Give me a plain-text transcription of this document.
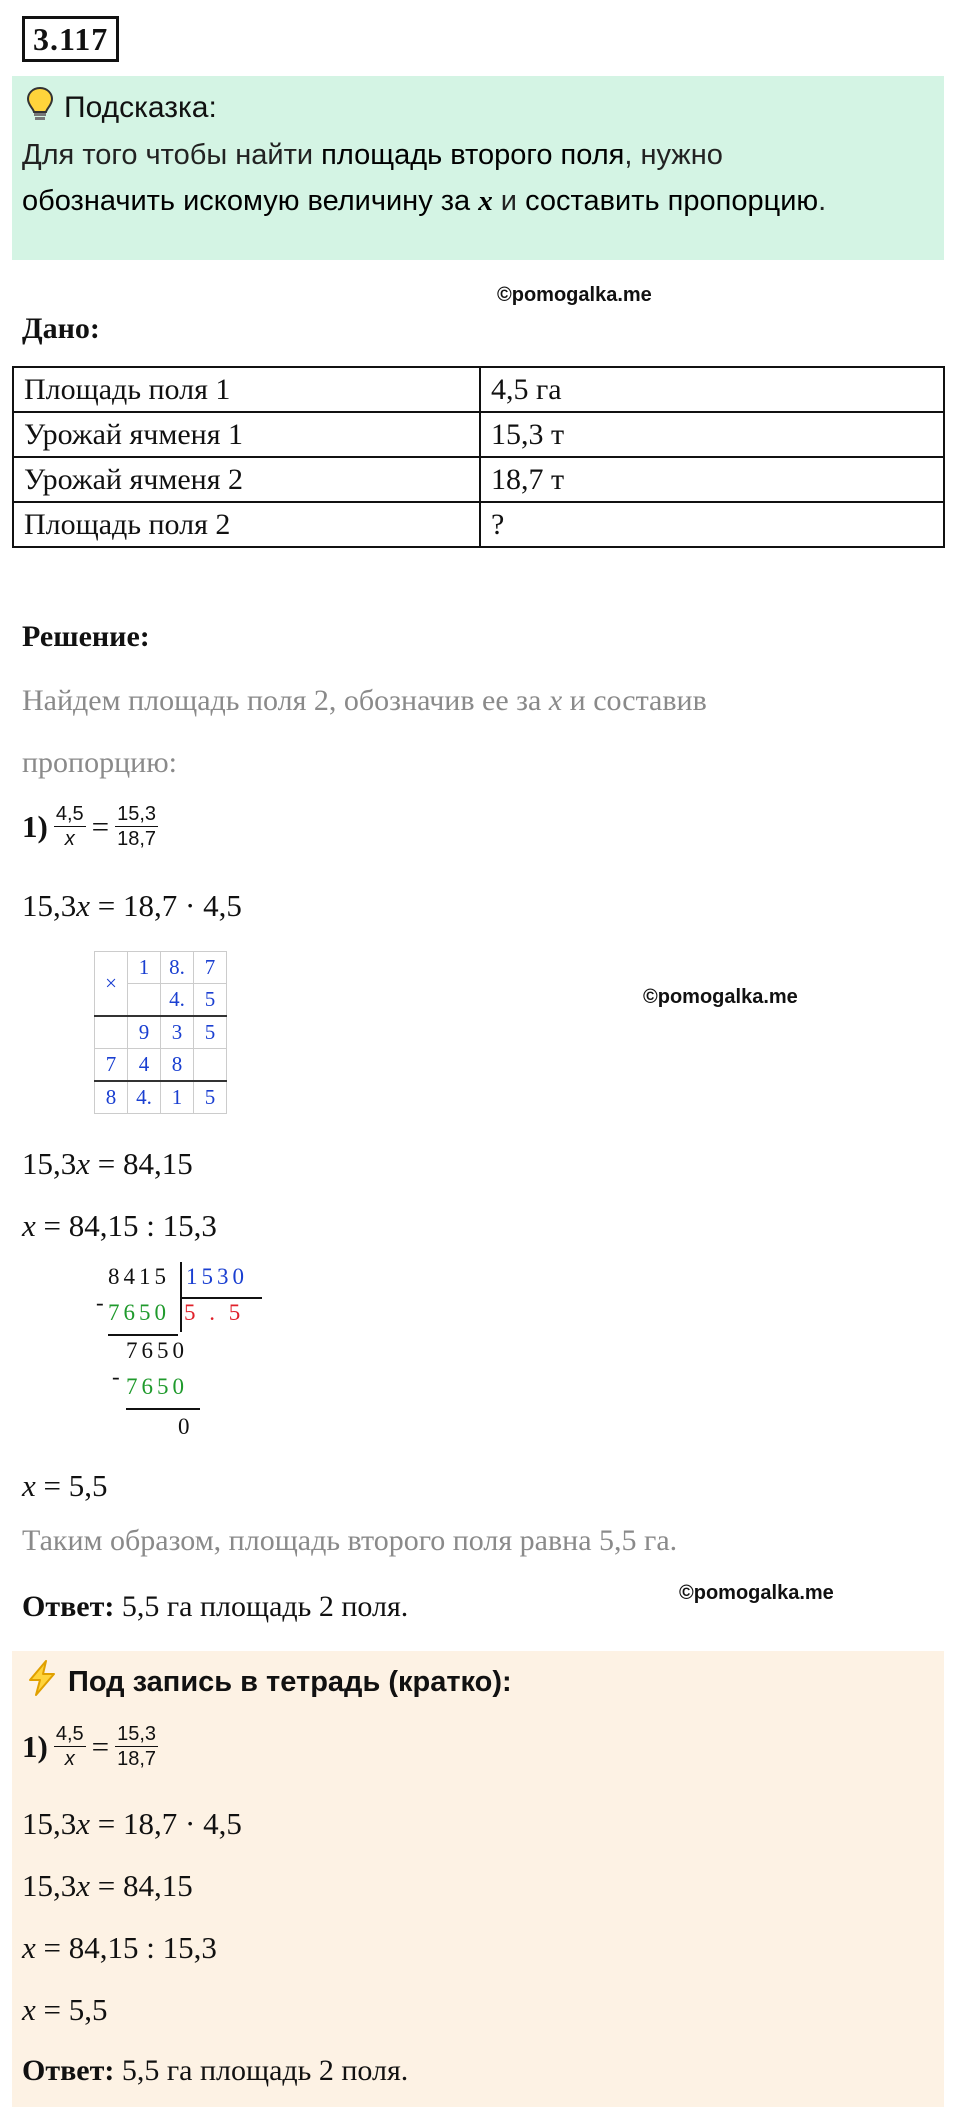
3.117
Подсказка:
Для того чтобы найти площадь второго поля, нужно
обозначить искомую величину за x и составить пропорцию.
©pomogalka.me
Дано:
Площадь поля 1	4,5 га
Урожай ячменя 1	15,3 т
Урожай ячменя 2	18,7 т
Площадь поля 2	?
Решение:
Найдем площадь поля 2, обозначив ее за x и составив
пропорцию:
$1) \frac{4,5}{x} = \frac{15,3}{18,7}$
15,3x = 18,7 · 4,5
×	1	8.	7
		4.	5
	9	3	5
7	4	8	
8	4.	1	5
©pomogalka.me
15,3x = 84,15
x = 84,15 : 15,3
8415 1530
- 7650 5 . 5
7650
- 7650
0
x = 5,5
Таким образом, площадь второго поля равна 5,5 га.
Ответ: 5,5 га площадь 2 поля.	©pomogalka.me
Под запись в тетрадь (кратко):
$1) \frac{4,5}{x} = \frac{15,3}{18,7}$
15,3x = 18,7 · 4,5
15,3x = 84,15
x = 84,15 : 15,3
x = 5,5
Ответ: 5,5 га площадь 2 поля.
